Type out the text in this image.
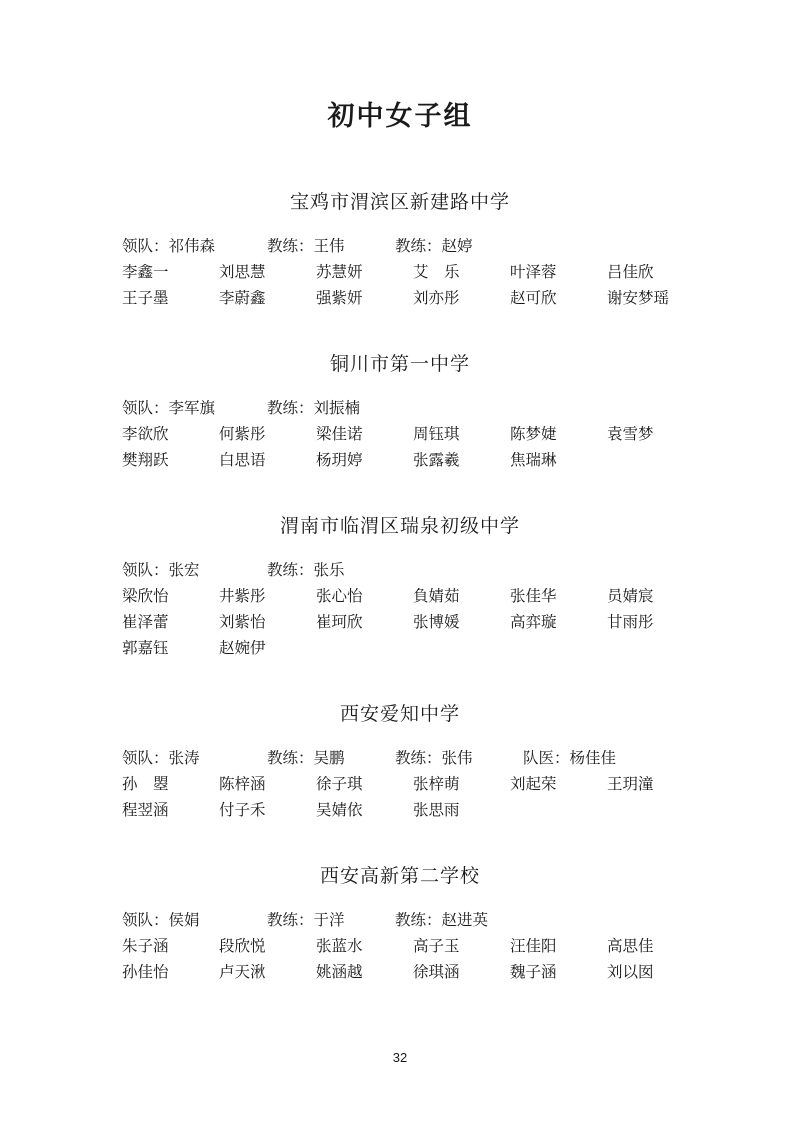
初中女子组
宝鸡市渭滨区新建路中学
领队：祁伟森	教练：王伟	教练：赵婷
李鑫一	刘思慧	苏慧妍	艾　乐	叶泽蓉	吕佳欣
王子墨	李蔚鑫	强紫妍	刘亦彤	赵可欣	谢安梦瑶
铜川市第一中学
领队：李军旗	教练：刘振楠
李欲欣	何紫彤	梁佳诺	周钰琪	陈梦婕	袁雪梦
樊翔跃	白思语	杨玥婷	张露羲	焦瑞琳
渭南市临渭区瑞泉初级中学
领队：张宏	教练：张乐
梁欣怡	井紫彤	张心怡	負婧茹	张佳华	员婧宸
崔泽蕾	刘紫怡	崔珂欣	张博媛	高弈璇	甘雨彤
郭嘉钰	赵婉伊
西安爱知中学
领队：张涛	教练：吴鹏	教练：张伟	队医：杨佳佳
孙　曌	陈梓涵	徐子琪	张梓萌	刘起荣	王玥潼
程翌涵	付子禾	吴婧依	张思雨
西安高新第二学校
领队：侯娟	教练：于洋	教练：赵进英
朱子涵	段欣悦	张蓝水	高子玉	汪佳阳	高思佳
孙佳怡	卢天湫	姚涵越	徐琪涵	魏子涵	刘以囡
32
